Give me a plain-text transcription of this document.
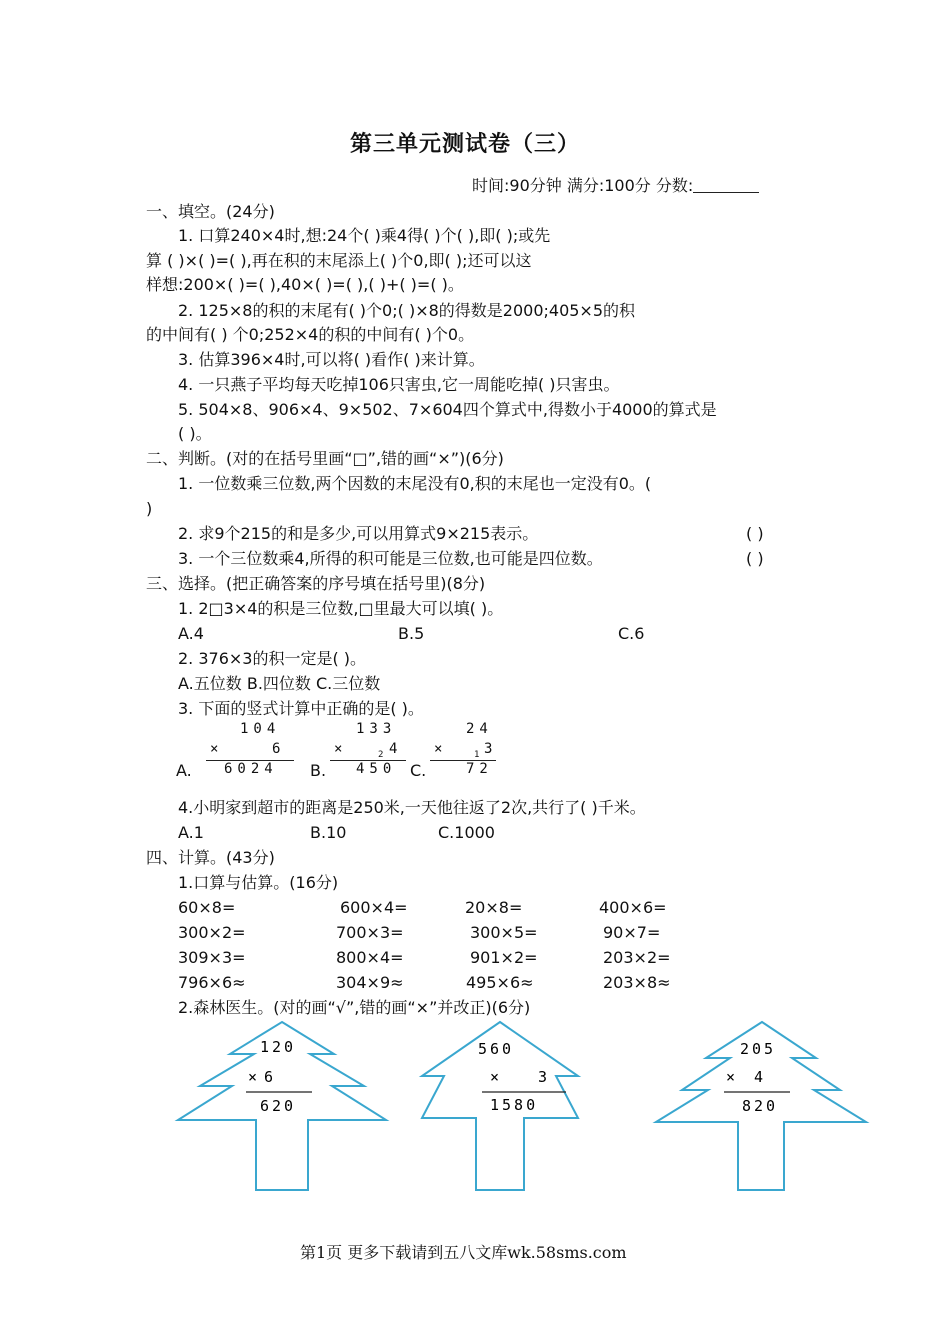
第三单元测试卷（三）
时间:90分钟 满分:100分 分数:
一、填空。(24分)
1. 口算240×4时,想:24个( )乘4得( )个( ),即( );或先
算 ( )×( )=( ),再在积的末尾添上( )个0,即( );还可以这
样想:200×( )=( ),40×( )=( ),( )+( )=( )。
2. 125×8的积的末尾有( )个0;( )×8的得数是2000;405×5的积
的中间有( ) 个0;252×4的积的中间有( )个0。
3. 估算396×4时,可以将( )看作( )来计算。
4. 一只燕子平均每天吃掉106只害虫,它一周能吃掉( )只害虫。
5. 504×8、906×4、9×502、7×604四个算式中,得数小于4000的算式是
( )。
二、判断。(对的在括号里画“□”,错的画“×”)(6分)
1. 一位数乘三位数,两个因数的末尾没有0,积的末尾也一定没有0。(
)
2. 求9个215的和是多少,可以用算式9×215表示。	( )
3. 一个三位数乘4,所得的积可能是三位数,也可能是四位数。	( )
三、选择。(把正确答案的序号填在括号里)(8分)
1. 2□3×4的积是三位数,□里最大可以填( )。
A.4	B.5	C.6
2. 376×3的积一定是( )。
A.五位数 B.四位数 C.三位数
3. 下面的竖式计算中正确的是( )。
A.
104
×	6
6024 B.
133
×	2 4
450 C.
24
×	1 3
72
4.小明家到超市的距离是250米,一天他往返了2次,共行了( )千米。
A.1	B.10	C.1000
四、计算。(43分)
1.口算与估算。(16分)
60×8=	600×4=	20×8=	400×6=
300×2=	700×3=	300×5=	90×7=
309×3=	800×4=	901×2=	203×2=
796×6≈	304×9≈	495×6≈	203×8≈
2.森林医生。(对的画“√”,错的画“×”并改正)(6分)
120
× 6
620
560
× 3
1580
205
× 4
820
第1页 更多下载请到五八文库wk.58sms.com
